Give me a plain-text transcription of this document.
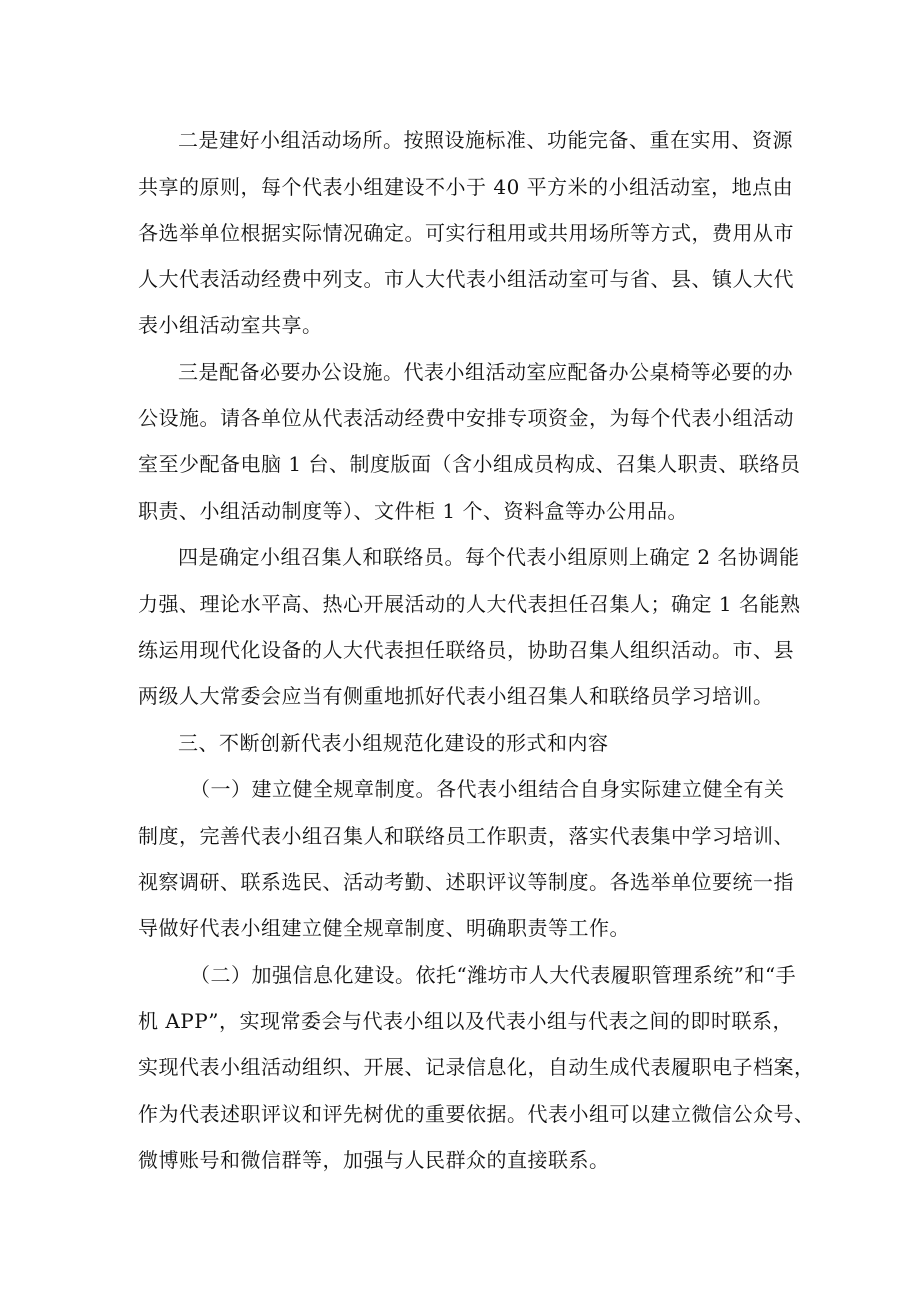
二是建好小组活动场所。按照设施标准、功能完备、重在实用、资源

共享的原则，每个代表小组建设不小于 40 平方米的小组活动室，地点由

各选举单位根据实际情况确定。可实行租用或共用场所等方式，费用从市

人大代表活动经费中列支。市人大代表小组活动室可与省、县、镇人大代

表小组活动室共享。

三是配备必要办公设施。代表小组活动室应配备办公桌椅等必要的办

公设施。请各单位从代表活动经费中安排专项资金，为每个代表小组活动

室至少配备电脑 1 台、制度版面（含小组成员构成、召集人职责、联络员

职责、小组活动制度等）、文件柜 1 个、资料盒等办公用品。

四是确定小组召集人和联络员。每个代表小组原则上确定 2 名协调能

力强、理论水平高、热心开展活动的人大代表担任召集人；确定 1 名能熟

练运用现代化设备的人大代表担任联络员，协助召集人组织活动。市、县

两级人大常委会应当有侧重地抓好代表小组召集人和联络员学习培训。

三、不断创新代表小组规范化建设的形式和内容

（一）建立健全规章制度。各代表小组结合自身实际建立健全有关

制度，完善代表小组召集人和联络员工作职责，落实代表集中学习培训、

视察调研、联系选民、活动考勤、述职评议等制度。各选举单位要统一指

导做好代表小组建立健全规章制度、明确职责等工作。

（二）加强信息化建设。依托“潍坊市人大代表履职管理系统”和“手

机 APP”，实现常委会与代表小组以及代表小组与代表之间的即时联系，

实现代表小组活动组织、开展、记录信息化，自动生成代表履职电子档案，

作为代表述职评议和评先树优的重要依据。代表小组可以建立微信公众号、

微博账号和微信群等，加强与人民群众的直接联系。
